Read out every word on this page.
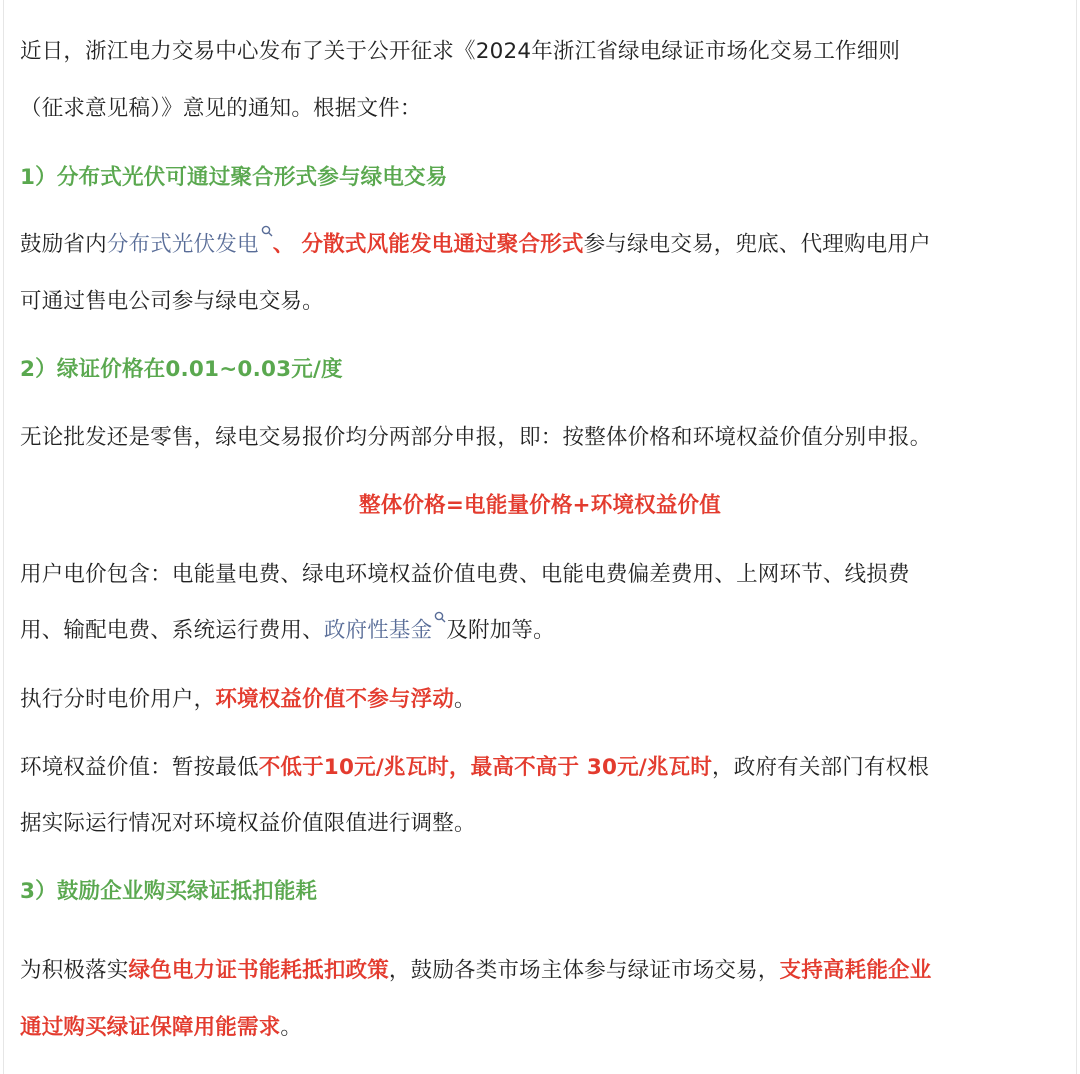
近日，浙江电力交易中心发布了关于公开征求《2024年浙江省绿电绿证市场化交易工作细则
（征求意见稿）》意见的通知。根据文件：
1）分布式光伏可通过聚合形式参与绿电交易
鼓励省内分布式光伏发电 、 分散式风能发电通过聚合形式参与绿电交易，兜底、代理购电用户
可通过售电公司参与绿电交易。
2）绿证价格在0.01~0.03元/度
无论批发还是零售，绿电交易报价均分两部分申报，即：按整体价格和环境权益价值分别申报。
整体价格=电能量价格+环境权益价值
用户电价包含：电能量电费、绿电环境权益价值电费、电能电费偏差费用、上网环节、线损费
用、输配电费、系统运行费用、政府性基金 及附加等。
执行分时电价用户，环境权益价值不参与浮动。
环境权益价值：暂按最低不低于10元/兆瓦时，最高不高于 30元/兆瓦时，政府有关部门有权根
据实际运行情况对环境权益价值限值进行调整。
3）鼓励企业购买绿证抵扣能耗
为积极落实绿色电力证书能耗抵扣政策，鼓励各类市场主体参与绿证市场交易，支持高耗能企业
通过购买绿证保障用能需求。
